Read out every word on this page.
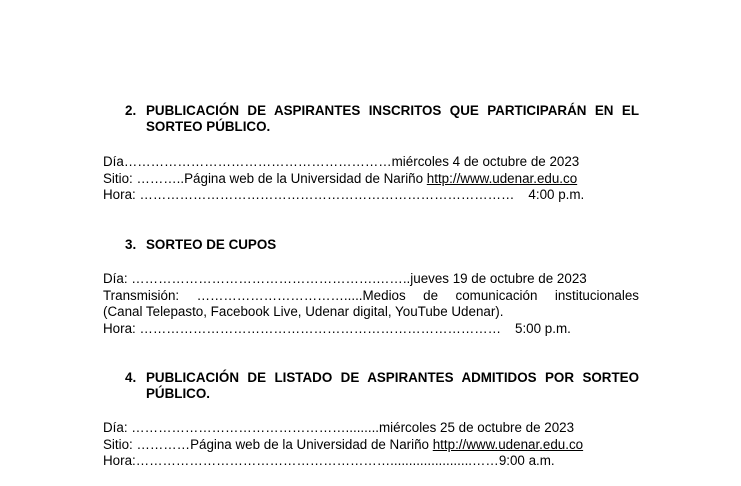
2. PUBLICACIÓN DE ASPIRANTES INSCRITOS QUE PARTICIPARÁN EN EL SORTEO PÚBLICO.
Día……………………………………………………miércoles 4 de octubre de 2023
Sitio: ………..Página web de la Universidad de Nariño http://www.udenar.edu.co
Hora: ………………………………………………………………………… 4:00 p.m.
3. SORTEO DE CUPOS
Día: ……………………………………………….……..jueves 19 de octubre de 2023
Transmisión: …………………………….....Medios de comunicación institucionales
(Canal Telepasto, Facebook Live, Udenar digital, YouTube Udenar).
Hora: ……………………………………………………………………… 5:00 p.m.
4. PUBLICACIÓN DE LISTADO DE ASPIRANTES ADMITIDOS POR SORTEO PÚBLICO.
Día: ………………………………………….........miércoles 25 de octubre de 2023
Sitio: …………Página web de la Universidad de Nariño http://www.udenar.edu.co
Hora:…………………………………………………......................……9:00 a.m.
